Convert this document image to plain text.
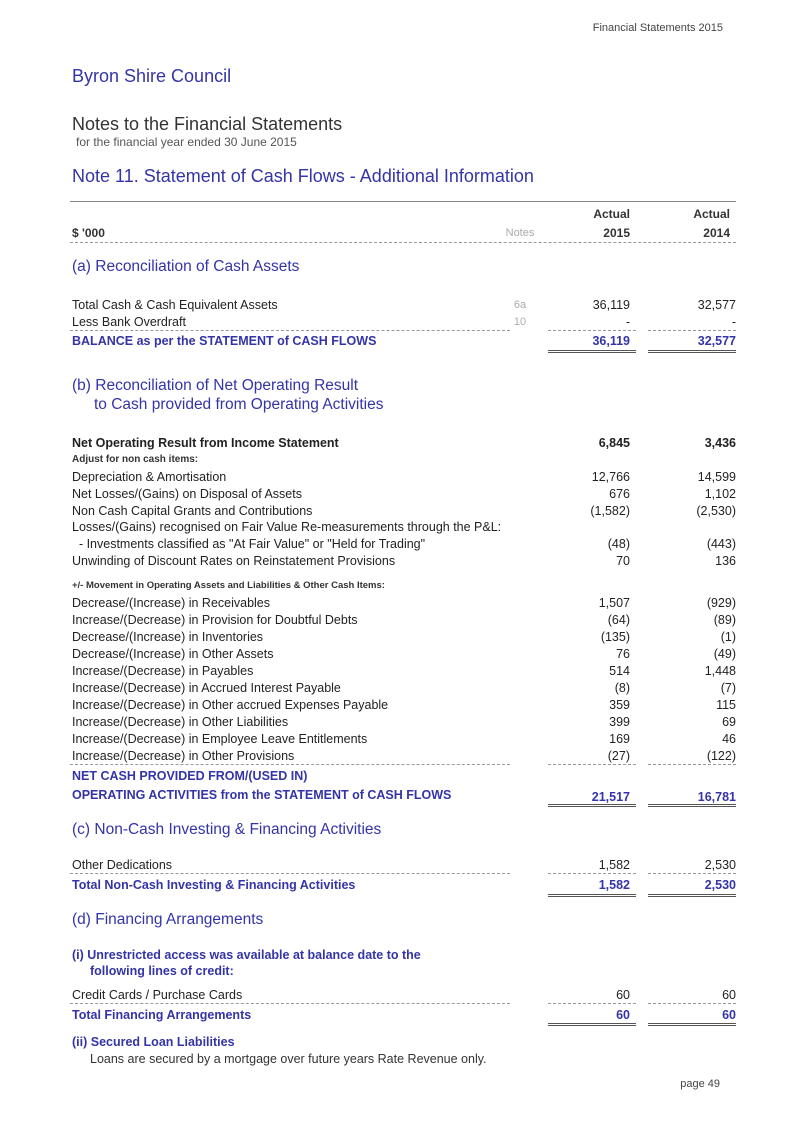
Financial Statements 2015
Byron Shire Council
Notes to the Financial Statements
for the financial year ended 30 June 2015
Note 11. Statement of Cash Flows - Additional Information
Actual	Actual
$ '000	Notes	2015	2014
(a) Reconciliation of Cash Assets
Total Cash & Cash Equivalent Assets	6a	36,119	32,577
Less Bank Overdraft	10	-	-
BALANCE as per the STATEMENT of CASH FLOWS	36,119	32,577
(b) Reconciliation of Net Operating Result
to Cash provided from Operating Activities
Net Operating Result from Income Statement	6,845	3,436
Adjust for non cash items:
Depreciation & Amortisation	12,766	14,599
Net Losses/(Gains) on Disposal of Assets	676	1,102
Non Cash Capital Grants and Contributions	(1,582)	(2,530)
Losses/(Gains) recognised on Fair Value Re-measurements through the P&L:
- Investments classified as "At Fair Value" or "Held for Trading"	(48)	(443)
Unwinding of Discount Rates on Reinstatement Provisions	70	136
+/- Movement in Operating Assets and Liabilities & Other Cash Items:
Decrease/(Increase) in Receivables	1,507	(929)
Increase/(Decrease) in Provision for Doubtful Debts	(64)	(89)
Decrease/(Increase) in Inventories	(135)	(1)
Decrease/(Increase) in Other Assets	76	(49)
Increase/(Decrease) in Payables	514	1,448
Increase/(Decrease) in Accrued Interest Payable	(8)	(7)
Increase/(Decrease) in Other accrued Expenses Payable	359	115
Increase/(Decrease) in Other Liabilities	399	69
Increase/(Decrease) in Employee Leave Entitlements	169	46
Increase/(Decrease) in Other Provisions	(27)	(122)
NET CASH PROVIDED FROM/(USED IN)
OPERATING ACTIVITIES from the STATEMENT of CASH FLOWS	21,517	16,781
(c) Non-Cash Investing & Financing Activities
Other Dedications	1,582	2,530
Total Non-Cash Investing & Financing Activities	1,582	2,530
(d) Financing Arrangements
(i) Unrestricted access was available at balance date to the
following lines of credit:
Credit Cards / Purchase Cards	60	60
Total Financing Arrangements	60	60
(ii) Secured Loan Liabilities
Loans are secured by a mortgage over future years Rate Revenue only.
page 49
